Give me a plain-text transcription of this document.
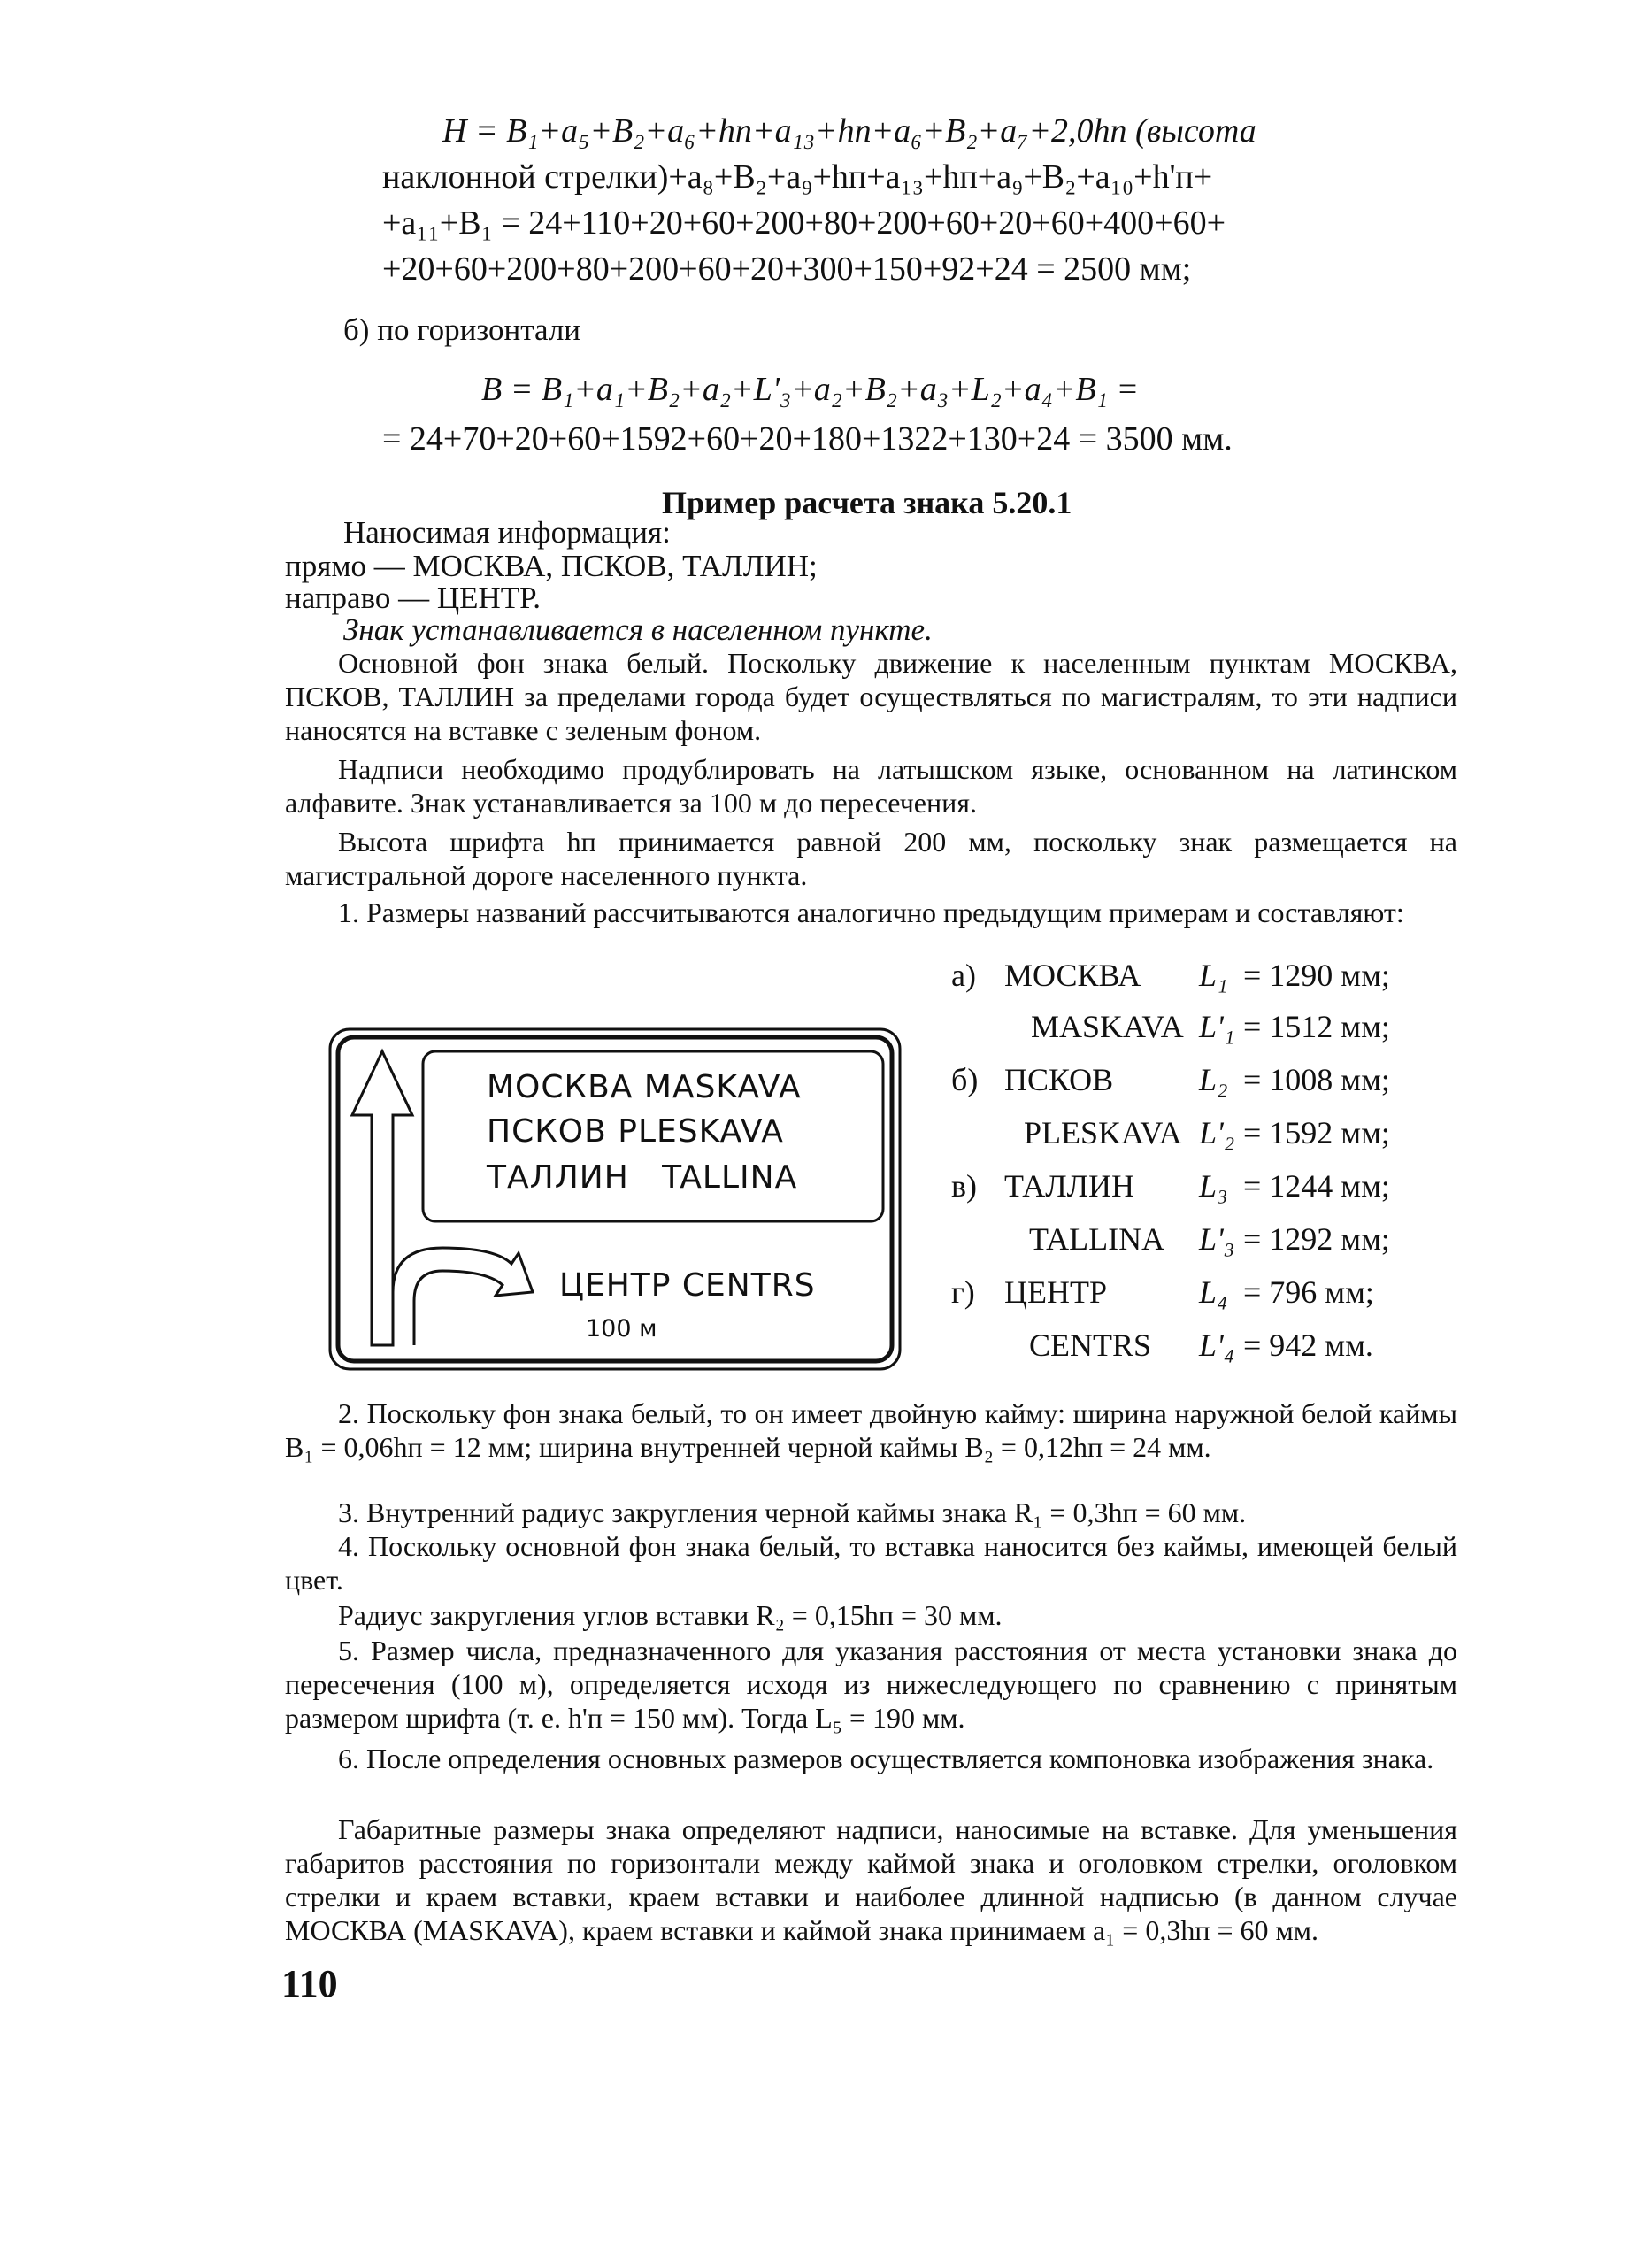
H = B₁+a₅+B₂+a₆+hп+a₁₃+hп+a₆+B₂+a₇+2,0hп (высота
наклонной стрелки)+a₈+B₂+a₉+hп+a₁₃+hп+a₉+B₂+a₁₀+h'п+
+a₁₁+B₁ = 24+110+20+60+200+80+200+60+20+60+400+60+
+20+60+200+80+200+60+20+300+150+92+24 = 2500 мм;
б) по горизонтали
B = B₁+a₁+B₂+a₂+L'₃+a₂+B₂+a₃+L₂+a₄+B₁ =
= 24+70+20+60+1592+60+20+180+1322+130+24 = 3500 мм.
Пример расчета знака 5.20.1
Наносимая информация:
прямо — МОСКВА, ПСКОВ, ТАЛЛИН;
направо — ЦЕНТР.
Знак устанавливается в населенном пункте.
Основной фон знака белый. Поскольку движение к населенным пунктам МОСКВА, ПСКОВ, ТАЛЛИН за пределами города будет осуществляться по магистралям, то эти надписи наносятся на вставке с зеленым фоном.
Надписи необходимо продублировать на латышском языке, основанном на латинском алфавите. Знак устанавливается за 100 м до пересечения.
Высота шрифта hп принимается равной 200 мм, поскольку знак размещается на магистральной дороге населенного пункта.
1. Размеры названий рассчитываются аналогично предыдущим примерам и составляют:
МОСКВА MASKAVA
ПСКОВ PLESKAVA
ТАЛЛИН   TALLINA
ЦЕНТР CENTRS
100 м
а) МОСКВА L₁ = 1290 мм;
MASKAVA L'₁ = 1512 мм;
б) ПСКОВ	L₂ = 1008 мм;
PLESKAVA L'₂ = 1592 мм;
в) ТАЛЛИН L₃ = 1244 мм;
TALLINA L'₃ = 1292 мм;
г) ЦЕНТР	L₄ = 796 мм;
CENTRS L'₄ = 942 мм.
2. Поскольку фон знака белый, то он имеет двойную кайму: ширина наружной белой каймы B₁ = 0,06hп = 12 мм; ширина внутренней черной каймы B₂ = 0,12hп = 24 мм.
3. Внутренний радиус закругления черной каймы знака R₁ = 0,3hп = 60 мм.
4. Поскольку основной фон знака белый, то вставка наносится без каймы, имеющей белый цвет.
Радиус закругления углов вставки R₂ = 0,15hп = 30 мм.
5. Размер числа, предназначенного для указания расстояния от места установки знака до пересечения (100 м), определяется исходя из нижеследующего по сравнению с принятым размером шрифта (т. е. h'п = 150 мм). Тогда L₅ = 190 мм.
6. После определения основных размеров осуществляется компоновка изображения знака.
Габаритные размеры знака определяют надписи, наносимые на вставке. Для уменьшения габаритов расстояния по горизонтали между каймой знака и оголовком стрелки, оголовком стрелки и краем вставки, краем вставки и наиболее длинной надписью (в данном случае МОСКВА (MASKAVA), краем вставки и каймой знака принимаем a₁ = 0,3hп = 60 мм.
110
